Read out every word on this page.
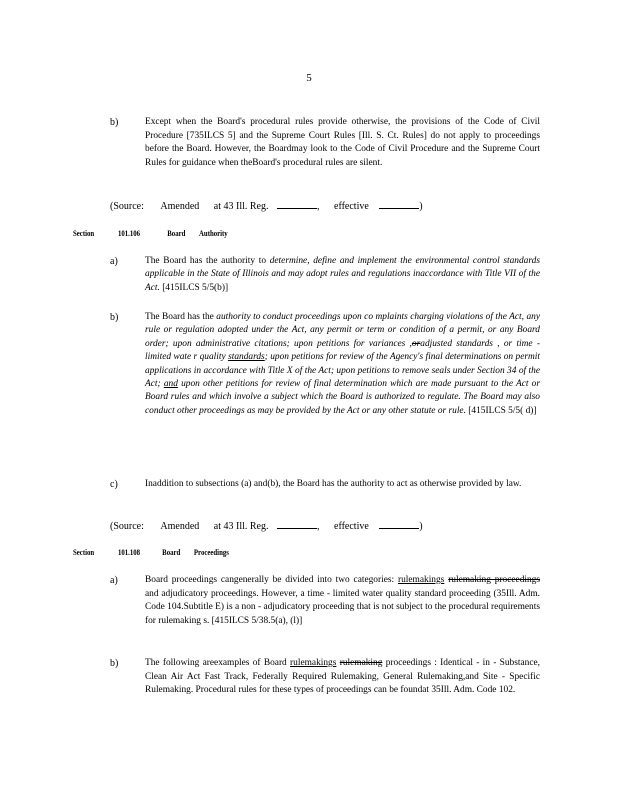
5
b)	Except when the Board's procedural rules provide otherwise, the provisions of the Code of Civil Procedure [735ILCS 5] and the Supreme Court Rules [Ill. S. Ct. Rules] do not apply to proceedings before the Board. However, the Boardmay look to the Code of Civil Procedure and the Supreme Court Rules for guidance when theBoard's procedural rules are silent.
(Source: Amended at 43 Ill. Reg.	, effective	)
Section	101.106	Board Authority
a)	The Board has the authority to determine, define and implement the environmental control standards applicable in the State of Illinois and may adopt rules and regulations inaccordance with Title VII of the Act. [415ILCS 5/5(b)]
b)	The Board has the authority to conduct proceedings upon co mplaints charging violations of the Act, any rule or regulation adopted under the Act, any permit or term or condition of a permit, or any Board order; upon administrative citations; upon petitions for variances ,oradjusted standards , or time - limited wate r quality standards; upon petitions for review of the Agency's final determinations on permit applications in accordance with Title X of the Act; upon petitions to remove seals under Section 34 of the Act; and upon other petitions for review of final determination which are made pursuant to the Act or Board rules and which involve a subject which the Board is authorized to regulate. The Board may also conduct other proceedings as may be provided by the Act or any other statute or rule. [415ILCS 5/5( d)]
c)	Inaddition to subsections (a) and(b), the Board has the authority to act as otherwise provided by law.
(Source: Amended at 43 Ill. Reg.	, effective	)
Section	101.108	Board Proceedings
a)	Board proceedings cangenerally be divided into two categories: rulemakings rulemaking proceedings and adjudicatory proceedings. However, a time - limited water quality standard proceeding (35Ill. Adm. Code 104.Subtitle E) is a non - adjudicatory proceeding that is not subject to the procedural requirements for rulemaking s. [415ILCS 5/38.5(a), (l)]
b)	The following areexamples of Board rulemakings rulemaking proceedings : Identical - in - Substance, Clean Air Act Fast Track, Federally Required Rulemaking, General Rulemaking,and Site - Specific Rulemaking. Procedural rules for these types of proceedings can be foundat 35Ill. Adm. Code 102.
